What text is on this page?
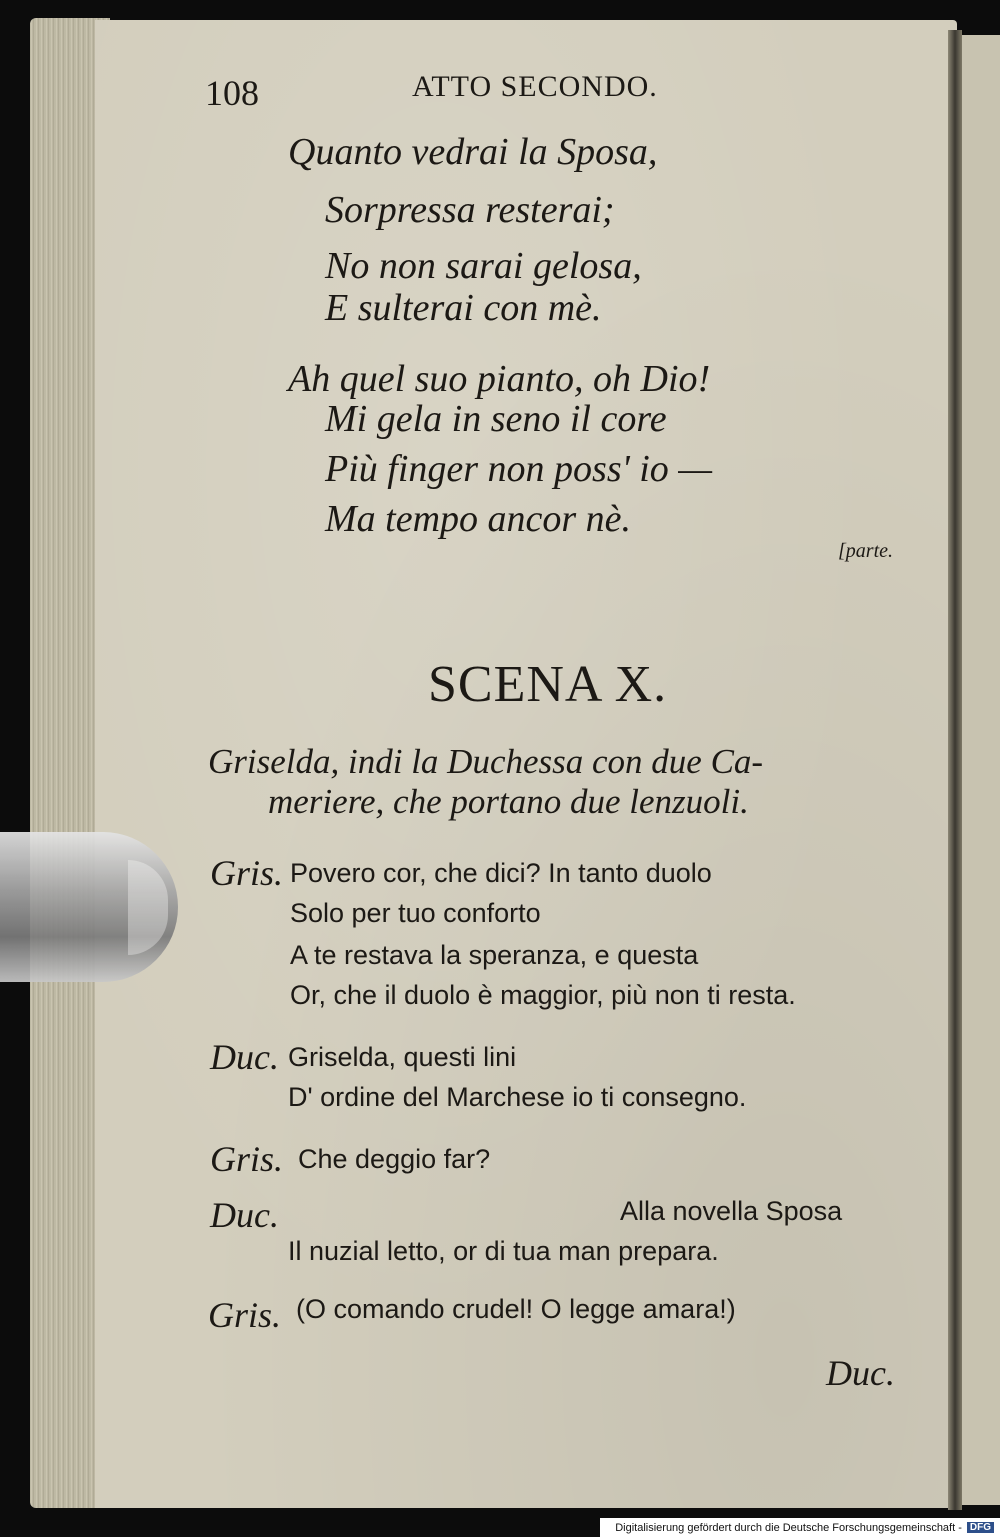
108	ATTO SECONDO.
Quanto vedrai la Sposa,
Sorpressa resterai;
No non sarai gelosa,
E sulterai con mè.
Ah quel suo pianto, oh Dio!
Mi gela in seno il core
Più finger non poss' io —
Ma tempo ancor nè.
[parte.
SCENA X.
Griselda, indi la Duchessa con due Ca-
meriere, che portano due lenzuoli.
Gris. Povero cor, che dici? In tanto duolo
Solo per tuo conforto
A te restava la speranza, e questa
Or, che il duolo è maggior, più non ti resta.
Duc. Griselda, questi lini
D' ordine del Marchese io ti consegno.
Gris. Che deggio far?
Duc.	Alla novella Sposa
Il nuzial letto, or di tua man prepara.
Gris. (O comando crudel! O legge amara!)
Duc.
Digitalisierung gefördert durch die Deutsche Forschungsgemeinschaft - DFG
